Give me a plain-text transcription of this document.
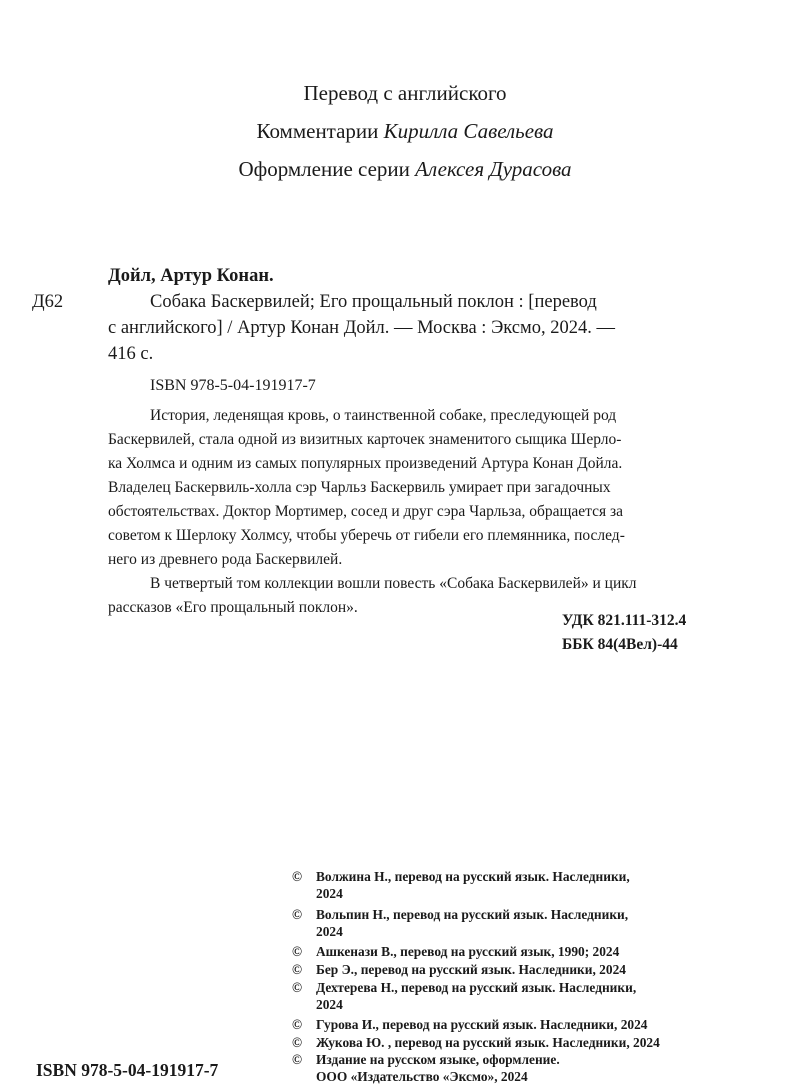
Перевод с английского
Комментарии Кирилла Савельева
Оформление серии Алексея Дурасова
Дойл, Артур Конан.
Д62	Собака Баскервилей; Его прощальный поклон : [перевод
с английского] / Артур Конан Дойл. — Москва : Эксмо, 2024. —
416 с.
ISBN 978-5-04-191917-7
История, леденящая кровь, о таинственной собаке, преследующей род
Баскервилей, стала одной из визитных карточек знаменитого сыщика Шерло-
ка Холмса и одним из самых популярных произведений Артура Конан Дойла.
Владелец Баскервиль-холла сэр Чарльз Баскервиль умирает при загадочных
обстоятельствах. Доктор Мортимер, сосед и друг сэра Чарльза, обращается за
советом к Шерлоку Холмсу, чтобы уберечь от гибели его племянника, послед-
него из древнего рода Баскервилей.
В четвертый том коллекции вошли повесть «Собака Баскервилей» и цикл
рассказов «Его прощальный поклон».
УДК 821.111-312.4
ББК 84(4Вел)-44
© Волжина Н., перевод на русский язык. Наследники,
2024
© Вольпин Н., перевод на русский язык. Наследники,
2024
© Ашкенази В., перевод на русский язык, 1990; 2024
© Бер Э., перевод на русский язык. Наследники, 2024
© Дехтерева Н., перевод на русский язык. Наследники,
2024
© Гурова И., перевод на русский язык. Наследники, 2024
© Жукова Ю. , перевод на русский язык. Наследники, 2024
© Издание на русском языке, оформление.
ООО «Издательство «Эксмо», 2024
ISBN 978-5-04-191917-7
